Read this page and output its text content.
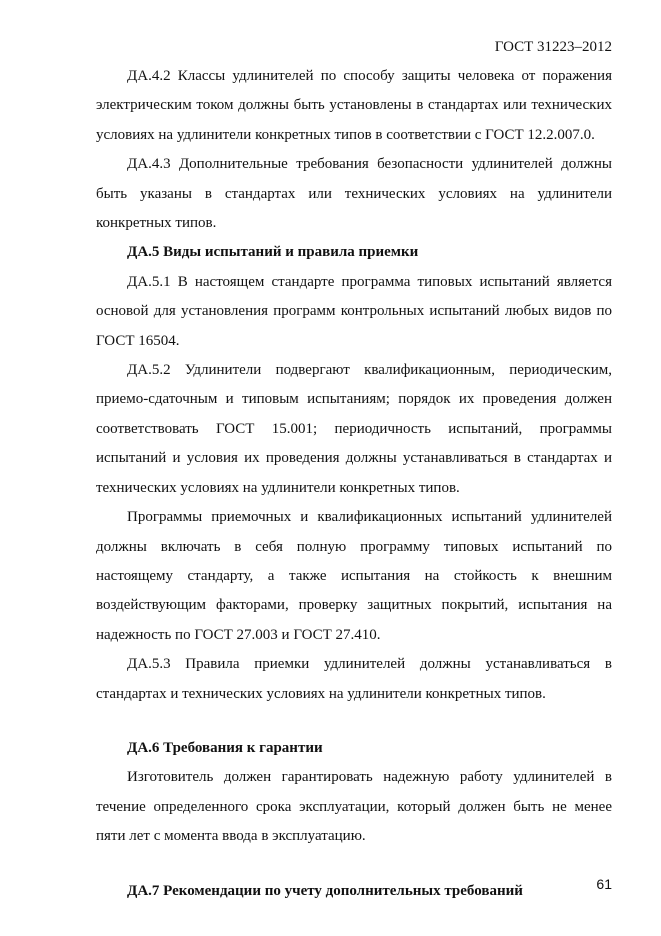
ГОСТ 31223–2012

ДА.4.2 Классы удлинителей по способу защиты человека от поражения электрическим током должны быть установлены в стандартах или технических условиях на удлинители конкретных типов в соответствии с ГОСТ 12.2.007.0.

ДА.4.3 Дополнительные требования безопасности удлинителей должны быть указаны в стандартах или технических условиях на удлинители конкретных типов.

ДА.5 Виды испытаний и правила приемки

ДА.5.1 В настоящем стандарте программа типовых испытаний является основой для установления программ контрольных испытаний любых видов по ГОСТ 16504.

ДА.5.2 Удлинители подвергают квалификационным, периодическим, приемо-сдаточным и типовым испытаниям; порядок их проведения должен соответствовать ГОСТ 15.001; периодичность испытаний, программы испытаний и условия их проведения должны устанавливаться в стандартах и технических условиях на удлинители конкретных типов.

Программы приемочных и квалификационных испытаний удлинителей должны включать в себя полную программу типовых испытаний по настоящему стандарту, а также испытания на стойкость к внешним воздействующим факторами, проверку защитных покрытий, испытания на надежность по ГОСТ 27.003 и ГОСТ 27.410.

ДА.5.3 Правила приемки удлинителей должны устанавливаться в стандартах и технических условиях на удлинители конкретных типов.

ДА.6 Требования к гарантии

Изготовитель должен гарантировать надежную работу удлинителей в течение определенного срока эксплуатации, который должен быть не менее пяти лет с момента ввода в эксплуатацию.

ДА.7 Рекомендации по учету дополнительных требований	61
